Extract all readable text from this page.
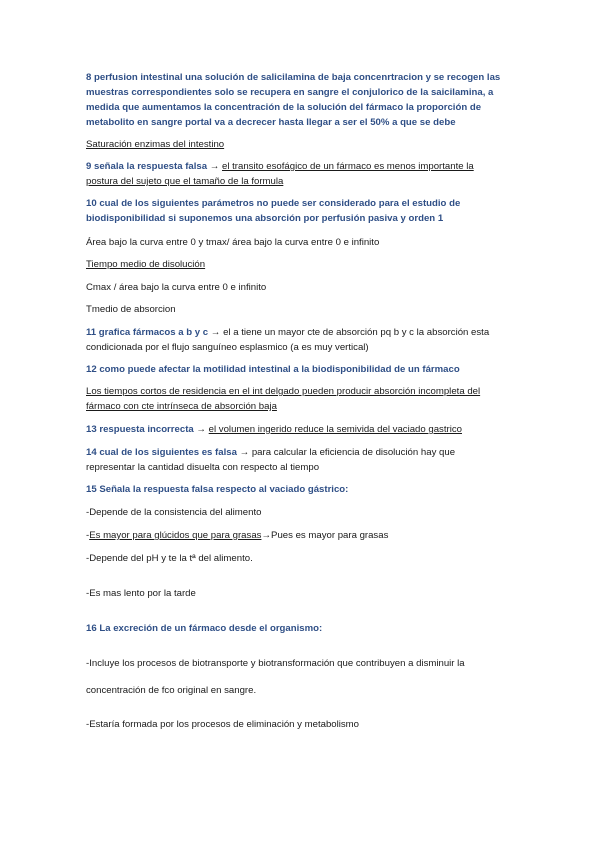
8 perfusion intestinal una solución de salicilamina de baja concenrtracion y se recogen las
muestras correspondientes solo se recupera en sangre el conjulorico de la saicilamina, a
medida que aumentamos la concentración de la solución del fármaco la proporción de
metabolito en sangre portal va a decrecer hasta llegar a ser el 50% a que se debe
Saturación enzimas del intestino
9 señala la respuesta falsa → el transito esofágico de un fármaco es menos importante la
postura del sujeto que el tamaño de la formula
10 cual de los siguientes parámetros no puede ser considerado para el estudio de
biodisponibilidad si suponemos una absorción por perfusión pasiva y orden 1
Área bajo la curva entre 0 y tmax/ área bajo la curva entre 0 e infinito
Tiempo medio de disolución
Cmax / área bajo la curva entre 0 e infinito
Tmedio de absorcion
11 grafica fármacos a b y c → el a tiene un mayor cte de absorción pq b y c la absorción esta
condicionada por el flujo sanguíneo esplasmico (a es muy vertical)
12 como puede afectar la motilidad intestinal a la biodisponibilidad de un fármaco
Los tiempos cortos de residencia en el int delgado pueden producir absorción incompleta del
fármaco con cte intrínseca de absorción baja
13 respuesta incorrecta → el volumen ingerido reduce la semivida del vaciado gastrico
14 cual de los siguientes es falsa → para calcular la eficiencia de disolución hay que
representar la cantidad disuelta con respecto al tiempo
15 Señala la respuesta falsa respecto al vaciado gástrico:
-Depende de la consistencia del alimento
-Es mayor para glúcidos que para grasas→Pues es mayor para grasas
-Depende del pH y te la tª del alimento.
-Es mas lento por la tarde
16 La excreción de un fármaco desde el organismo:
-Incluye los procesos de biotransporte y biotransformación que contribuyen a disminuir la
concentración de fco original en sangre.
-Estaría formada por los procesos de eliminación y metabolismo
